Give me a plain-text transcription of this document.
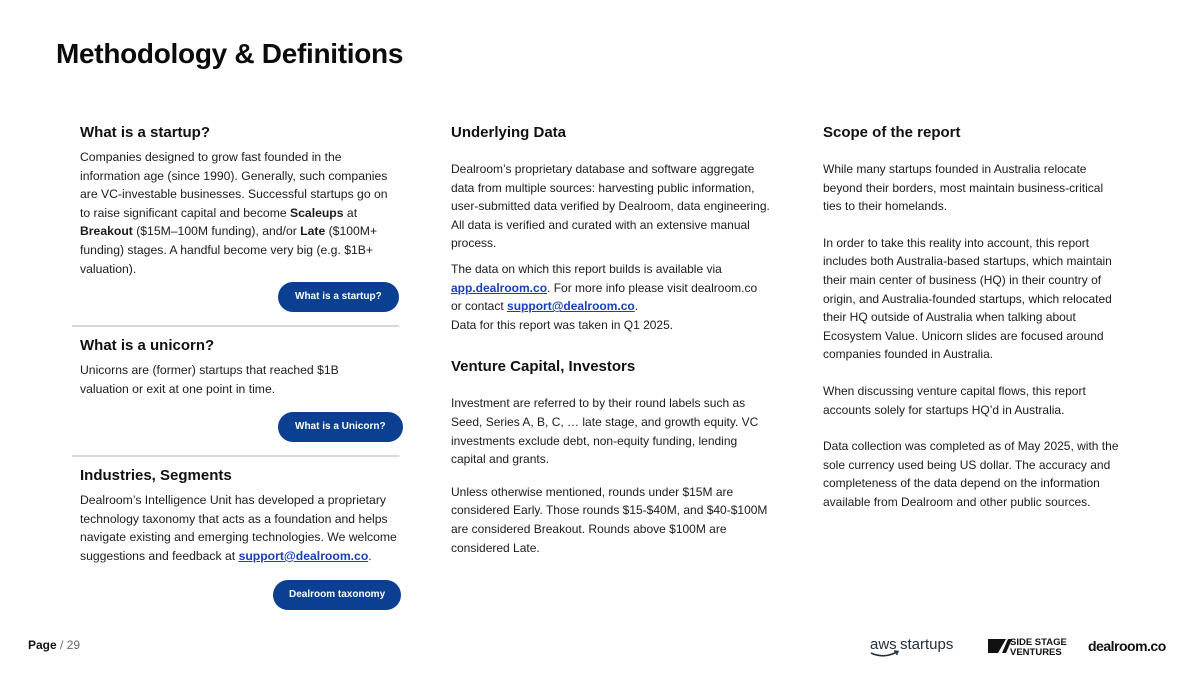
Methodology & Definitions
What is a startup?

Companies designed to grow fast founded in the information age (since 1990). Generally, such companies are VC-investable businesses. Successful startups go on to raise significant capital and become Scaleups at
Breakout ($15M–100M funding), and/or Late ($100M+ funding) stages. A handful become very big (e.g. $1B+ valuation).

What is a startup?
What is a unicorn?

Unicorns are (former) startups that reached $1B valuation or exit at one point in time.

What is a Unicorn?
Industries, Segments

Dealroom’s Intelligence Unit has developed a proprietary technology taxonomy that acts as a foundation and helps navigate existing and emerging technologies. We welcome suggestions and feedback at support@dealroom.co.

Dealroom taxonomy
Underlying Data

Dealroom’s proprietary database and software aggregate data from multiple sources: harvesting public information, user-submitted data verified by Dealroom, data engineering. All data is verified and curated with an extensive manual process.

The data on which this report builds is available via app.dealroom.co. For more info please visit dealroom.co or contact support@dealroom.co.
Data for this report was taken in Q1 2025.

Venture Capital, Investors

Investment are referred to by their round labels such as Seed, Series A, B, C, … late stage, and growth equity. VC investments exclude debt, non-equity funding, lending capital and grants.

Unless otherwise mentioned, rounds under $15M are considered Early. Those rounds $15-$40M, and $40-$100M are considered Breakout. Rounds above $100M are considered Late.

Scope of the report

While many startups founded in Australia relocate beyond their borders, most maintain business-critical ties to their homelands.

In order to take this reality into account, this report includes both Australia-based startups, which maintain their main center of business (HQ) in their country of origin, and Australia-founded startups, which relocated their HQ outside of Australia when talking about Ecosystem Value. Unicorn slides are focused around companies founded in Australia.

When discussing venture capital flows, this report accounts solely for startups HQ’d in Australia.

Data collection was completed as of May 2025, with the sole currency used being US dollar. The accuracy and completeness of the data depend on the information available from Dealroom and other public sources.

Page / 29	aws startups	SIDE STAGE
VENTURES dealroom.co
